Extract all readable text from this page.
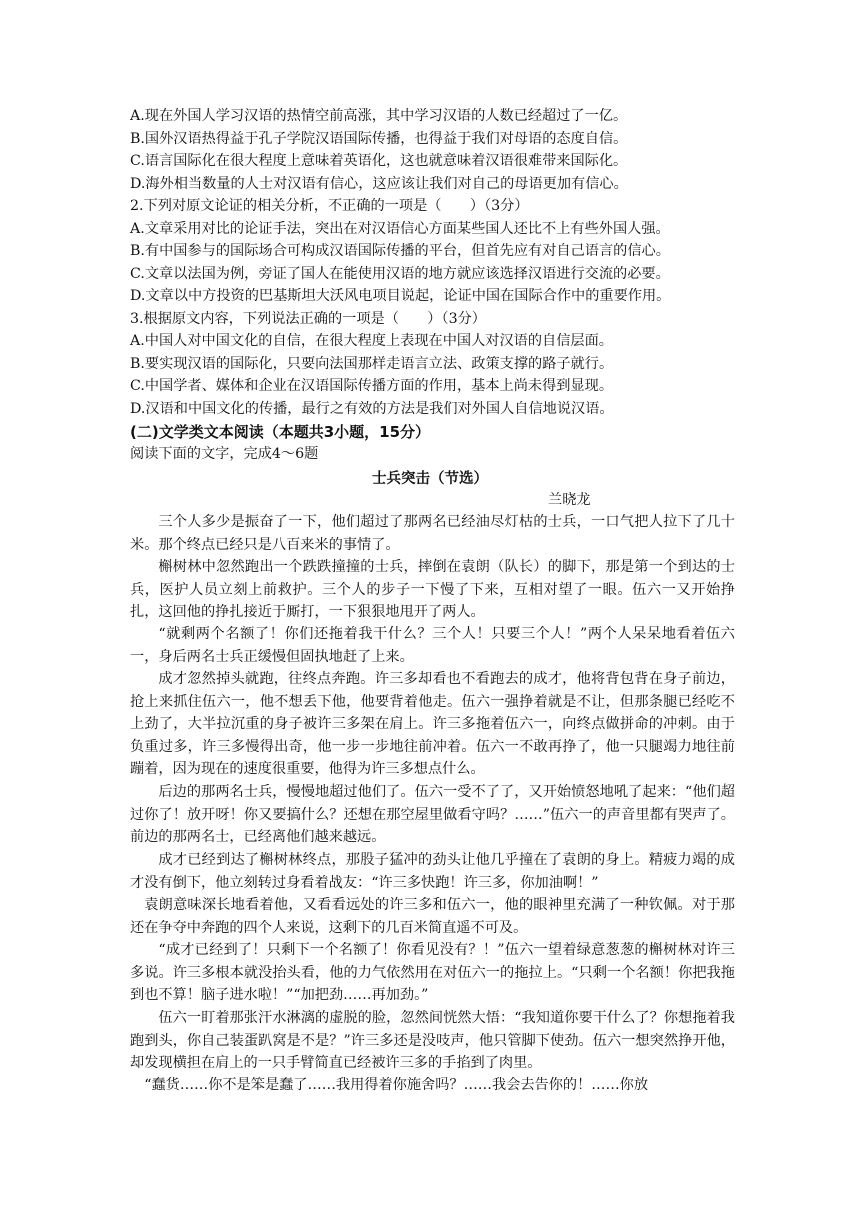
A.现在外国人学习汉语的热情空前高涨，其中学习汉语的人数已经超过了一亿。
B.国外汉语热得益于孔子学院汉语国际传播，也得益于我们对母语的态度自信。
C.语言国际化在很大程度上意味着英语化，这也就意味着汉语很难带来国际化。
D.海外相当数量的人士对汉语有信心，这应该让我们对自己的母语更加有信心。
2.下列对原文论证的相关分析，不正确的一项是（　　）（3分）
A.文章采用对比的论证手法，突出在对汉语信心方面某些国人还比不上有些外国人强。
B.有中国参与的国际场合可构成汉语国际传播的平台，但首先应有对自己语言的信心。
C.文章以法国为例，旁证了国人在能使用汉语的地方就应该选择汉语进行交流的必要。
D.文章以中方投资的巴基斯坦大沃风电项目说起，论证中国在国际合作中的重要作用。
3.根据原文内容，下列说法正确的一项是（　　）（3分）
A.中国人对中国文化的自信，在很大程度上表现在中国人对汉语的自信层面。
B.要实现汉语的国际化，只要向法国那样走语言立法、政策支撑的路子就行。
C.中国学者、媒体和企业在汉语国际传播方面的作用，基本上尚未得到显现。
D.汉语和中国文化的传播，最行之有效的方法是我们对外国人自信地说汉语。
(二)文学类文本阅读（本题共3小题，15分）
阅读下面的文字，完成4～6题
士兵突击（节选）
兰晓龙
三个人多少是振奋了一下，他们超过了那两名已经油尽灯枯的士兵，一口气把人拉下了几十米。那个终点已经只是八百来米的事情了。
槲树林中忽然跑出一个跌跌撞撞的士兵，摔倒在袁朗（队长）的脚下，那是第一个到达的士兵，医护人员立刻上前救护。三个人的步子一下慢了下来，互相对望了一眼。伍六一又开始挣扎，这回他的挣扎接近于厮打，一下狠狠地甩开了两人。
“就剩两个名额了！你们还拖着我干什么？三个人！只要三个人！”两个人呆呆地看着伍六一，身后两名士兵正缓慢但固执地赶了上来。
成才忽然掉头就跑，往终点奔跑。许三多却看也不看跑去的成才，他将背包背在身子前边，抢上来抓住伍六一，他不想丢下他，他要背着他走。伍六一强挣着就是不让，但那条腿已经吃不上劲了，大半拉沉重的身子被许三多架在肩上。许三多拖着伍六一，向终点做拼命的冲刺。由于负重过多，许三多慢得出奇，他一步一步地往前冲着。伍六一不敢再挣了，他一只腿竭力地往前蹦着，因为现在的速度很重要，他得为许三多想点什么。
后边的那两名士兵，慢慢地超过他们了。伍六一受不了了，又开始愤怒地吼了起来：“他们超过你了！放开呀！你又要搞什么？还想在那空屋里做看守吗？……”伍六一的声音里都有哭声了。前边的那两名士，已经离他们越来越远。
成才已经到达了槲树林终点，那股子猛冲的劲头让他几乎撞在了袁朗的身上。精疲力竭的成才没有倒下，他立刻转过身看着战友：“许三多快跑！许三多，你加油啊！”
袁朗意味深长地看着他，又看看远处的许三多和伍六一，他的眼神里充满了一种钦佩。对于那还在争夺中奔跑的四个人来说，这剩下的几百米简直遥不可及。
“成才已经到了！只剩下一个名额了！你看见没有？！”伍六一望着绿意葱葱的槲树林对许三多说。许三多根本就没抬头看，他的力气依然用在对伍六一的拖拉上。“只剩一个名额！你把我拖到也不算！脑子进水啦！”“加把劲……再加劲。”
伍六一盯着那张汗水淋漓的虚脱的脸，忽然间恍然大悟：“我知道你要干什么了？你想拖着我跑到头，你自己装蛋趴窝是不是？”许三多还是没吱声，他只管脚下使劲。伍六一想突然挣开他，却发现横担在肩上的一只手臂简直已经被许三多的手掐到了肉里。
“蠢货……你不是笨是蠢了……我用得着你施舍吗？……我会去告你的！……你放
